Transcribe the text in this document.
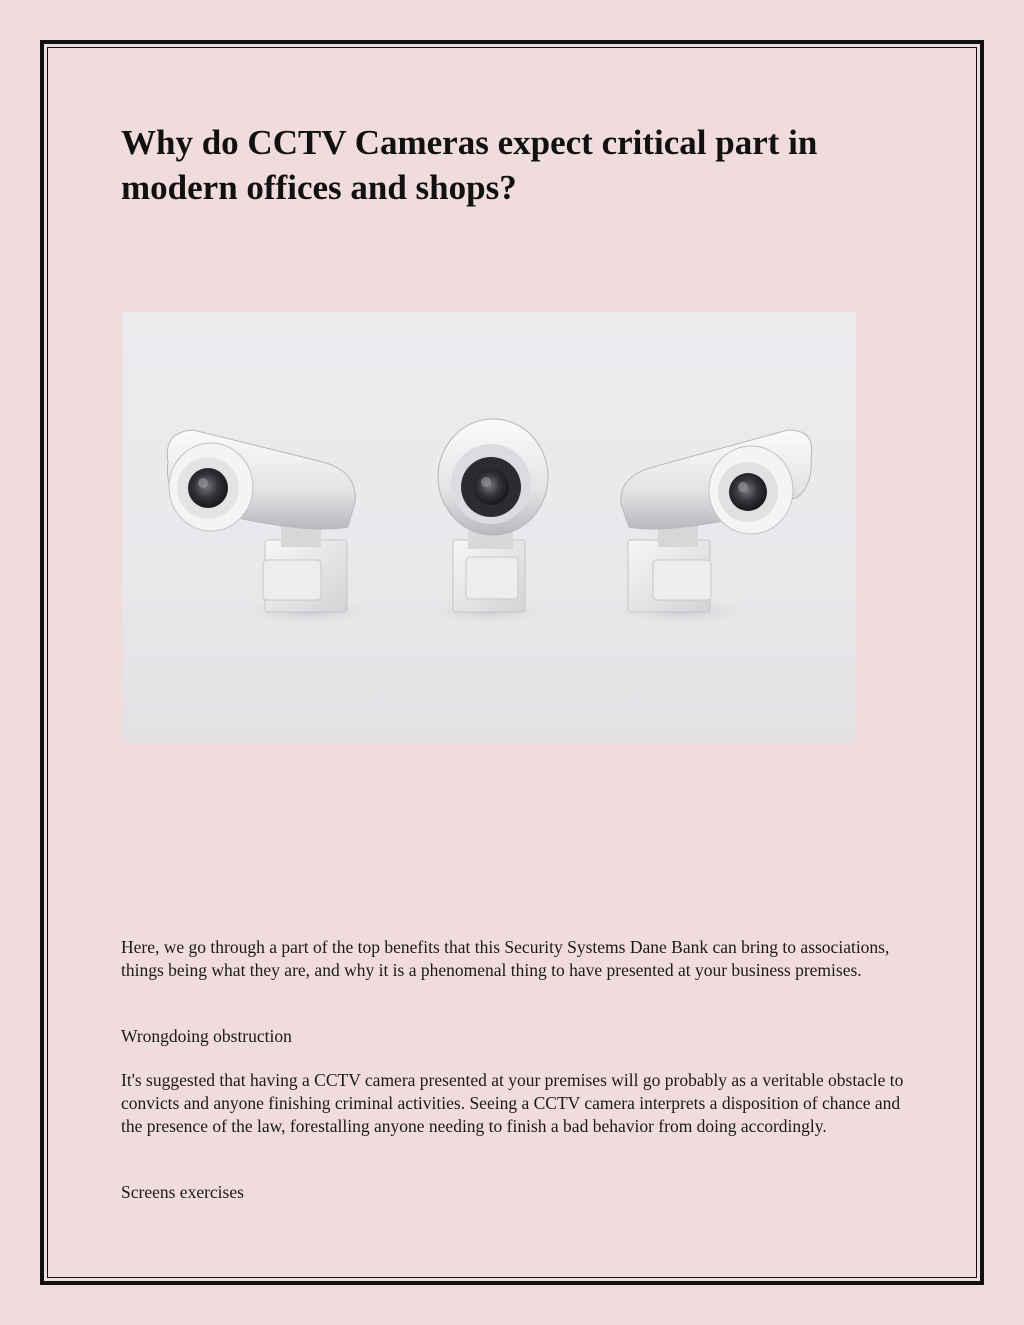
Why do CCTV Cameras expect critical part in modern offices and shops?

Here, we go through a part of the top benefits that this Security Systems Dane Bank can bring to associations, things being what they are, and why it is a phenomenal thing to have presented at your business premises.

Wrongdoing obstruction

It's suggested that having a CCTV camera presented at your premises will go probably as a veritable obstacle to convicts and anyone finishing criminal activities. Seeing a CCTV camera interprets a disposition of chance and the presence of the law, forestalling anyone needing to finish a bad behavior from doing accordingly.

Screens exercises
